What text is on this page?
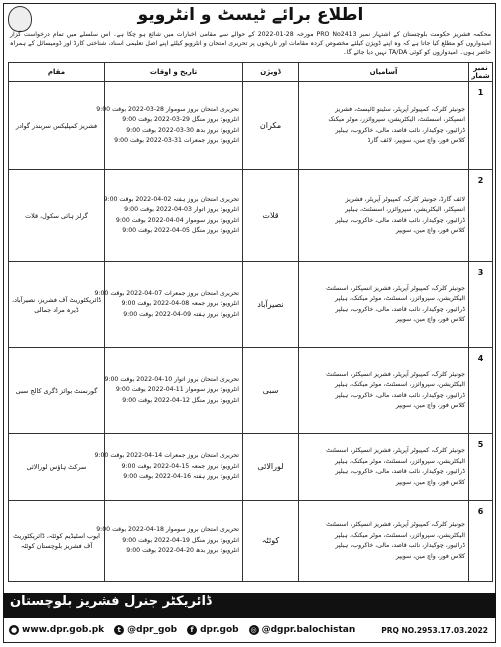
اطلاع برائے ٹیسٹ و انٹرویو
محکمہ فشریز حکومت بلوچستان کے اشتہار نمبر PRO No2413 مورخہ 28-01-2022 کے حوالے سے مقامی اخبارات میں شائع ہو چکا ہے۔ اس سلسلے میں تمام درخواست گزار امیدواروں کو مطلع کیا جاتا ہے کہ وہ اپنے ڈویژن کیلئے مخصوص کردہ مقامات اور تاریخوں پر تحریری امتحان و انٹرویو کیلئے اپنے اصل تعلیمی اسناد، شناختی کارڈ اور ڈومیسائل کے ہمراہ حاضر ہوں۔ امیدواروں کو کوئی TA/DA نہیں دیا جائے گا۔
نمبر شمار	آسامیاں	ڈویژن	تاریخ و اوقات	مقام
1	جونیئر کلرک، کمپیوٹر آپریٹر، سٹینو ٹائپسٹ، فشریز
انسپکٹر، اسسٹنٹ، الیکٹریشن، سپروائزر، موٹر میکنک
ڈرائیور، چوکیدار، نائب قاصد، مالی، خاکروب، ہیلپر
کلاس فور، واچ مین، سویپر، لائف گارڈ	مکران	تحریری امتحان بروز سوموار 28-03-2022 بوقت 9:00
انٹرویو: بروز منگل 29-03-2022 بوقت 9:00
انٹرویو: بروز بدھ 30-03-2022 بوقت 9:00
انٹرویو: بروز جمعرات 31-03-2022 بوقت 9:00	فشریز کمپلیکس سربندر گوادر
2	لائف گارڈ، جونیئر کلرک، کمپیوٹر آپریٹر، فشریز
انسپکٹر، الیکٹریشن، سپروائزر، اسسٹنٹ، ہیلپر
ڈرائیور، چوکیدار، نائب قاصد، مالی، خاکروب، ہیلپر
کلاس فور، واچ مین، سویپر	قلات	تحریری امتحان بروز ہفتہ 02-04-2022 بوقت 9:00
انٹرویو: بروز اتوار 03-04-2022 بوقت 9:00
انٹرویو: بروز سوموار 04-04-2022 بوقت 9:00
انٹرویو: بروز منگل 05-04-2022 بوقت 9:00	گرلز ہائی سکول، قلات
3	جونیئر کلرک، کمپیوٹر آپریٹر، فشریز انسپکٹر، اسسٹنٹ
الیکٹریشن، سپروائزر، اسسٹنٹ، موٹر میکنک، ہیلپر
ڈرائیور، چوکیدار، نائب قاصد، مالی، خاکروب، ہیلپر
کلاس فور، واچ مین، سویپر	نصیرآباد	تحریری امتحان بروز جمعرات 07-04-2022 بوقت 9:00
انٹرویو: بروز جمعہ 08-04-2022 بوقت 9:00
انٹرویو: بروز ہفتہ 09-04-2022 بوقت 9:00	ڈائریکٹوریٹ آف فشریز، نصیرآباد، ڈیرہ مراد جمالی
4	جونیئر کلرک، کمپیوٹر آپریٹر، فشریز انسپکٹر، اسسٹنٹ
الیکٹریشن، سپروائزر، اسسٹنٹ، موٹر میکنک، ہیلپر
ڈرائیور، چوکیدار، نائب قاصد، مالی، خاکروب، ہیلپر
کلاس فور، واچ مین، سویپر	سبی	تحریری امتحان بروز اتوار 10-04-2022 بوقت 9:00
انٹرویو: بروز سوموار 11-04-2022 بوقت 9:00
انٹرویو: بروز منگل 12-04-2022 بوقت 9:00	گورنمنٹ بوائز ڈگری کالج سبی
5	جونیئر کلرک، کمپیوٹر آپریٹر، فشریز انسپکٹر، اسسٹنٹ
الیکٹریشن، سپروائزر، اسسٹنٹ، موٹر میکنک، ہیلپر
ڈرائیور، چوکیدار، نائب قاصد، مالی، خاکروب، ہیلپر
کلاس فور، واچ مین، سویپر	لورالائی	تحریری امتحان بروز جمعرات 14-04-2022 بوقت 9:00
انٹرویو: بروز جمعہ 15-04-2022 بوقت 9:00
انٹرویو: بروز ہفتہ 16-04-2022 بوقت 9:00	سرکٹ ہاؤس لورالائی
6	جونیئر کلرک، کمپیوٹر آپریٹر، فشریز انسپکٹر، اسسٹنٹ
الیکٹریشن، سپروائزر، اسسٹنٹ، موٹر میکنک، ہیلپر
ڈرائیور، چوکیدار، نائب قاصد، مالی، خاکروب، ہیلپر
کلاس فور، واچ مین، سویپر	کوئٹہ	تحریری امتحان بروز سوموار 18-04-2022 بوقت 9:00
انٹرویو: بروز منگل 19-04-2022 بوقت 9:00
انٹرویو: بروز بدھ 20-04-2022 بوقت 9:00	ایوب اسٹیڈیم کوئٹہ، ڈائریکٹوریٹ آف فشریز بلوچستان کوئٹہ
ڈائریکٹر جنرل فشریز بلوچستان
● www.dpr.gob.pk	t @dpr_gob	f dpr.gob ◎ @dgpr.balochistan	PRQ NO.2953.17.03.2022
